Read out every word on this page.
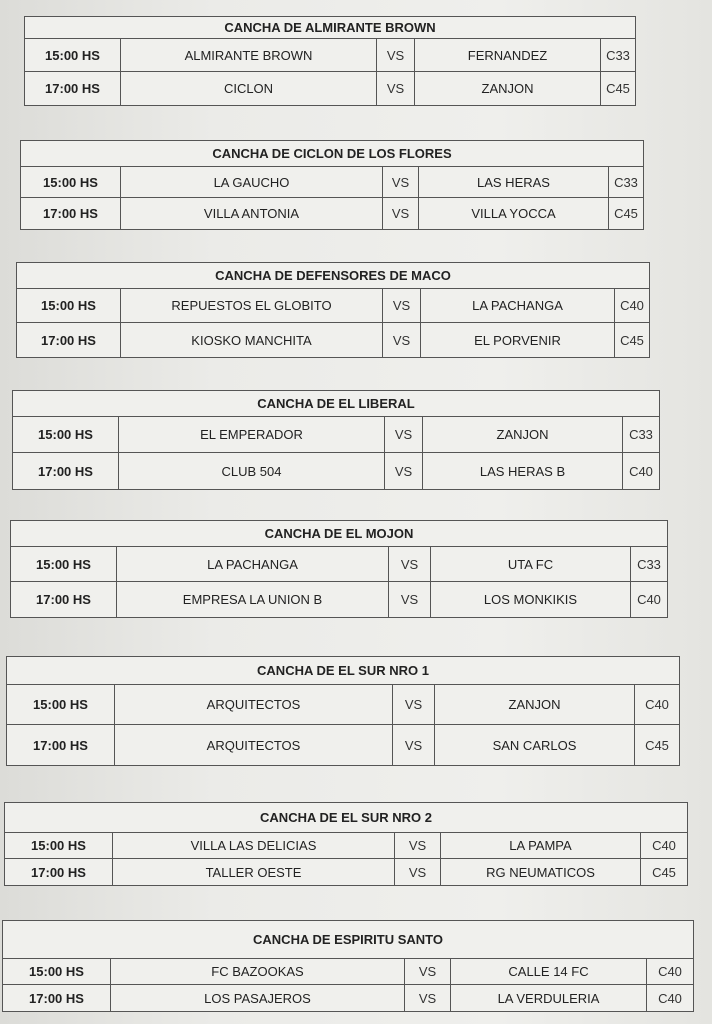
CANCHA DE ALMIRANTE BROWN
15:00 HS	ALMIRANTE BROWN	VS	FERNANDEZ	C33
17:00 HS	CICLON	VS	ZANJON	C45
CANCHA DE CICLON DE LOS FLORES
15:00 HS	LA GAUCHO	VS	LAS HERAS	C33
17:00 HS	VILLA ANTONIA	VS	VILLA YOCCA	C45
CANCHA DE DEFENSORES DE MACO
15:00 HS	REPUESTOS EL GLOBITO	VS	LA PACHANGA	C40
17:00 HS	KIOSKO MANCHITA	VS	EL PORVENIR	C45
CANCHA DE EL LIBERAL
15:00 HS	EL EMPERADOR	VS	ZANJON	C33
17:00 HS	CLUB 504	VS	LAS HERAS B	C40
CANCHA DE EL MOJON
15:00 HS	LA PACHANGA	VS	UTA FC	C33
17:00 HS	EMPRESA LA UNION B	VS	LOS MONKIKIS	C40
CANCHA DE EL SUR NRO 1
15:00 HS	ARQUITECTOS	VS	ZANJON	C40
17:00 HS	ARQUITECTOS	VS	SAN CARLOS	C45
CANCHA DE EL SUR NRO 2
15:00 HS	VILLA LAS DELICIAS	VS	LA PAMPA	C40
17:00 HS	TALLER OESTE	VS	RG NEUMATICOS	C45
CANCHA DE ESPIRITU SANTO
15:00 HS	FC BAZOOKAS	VS	CALLE 14 FC	C40
17:00 HS	LOS PASAJEROS	VS	LA VERDULERIA	C40
